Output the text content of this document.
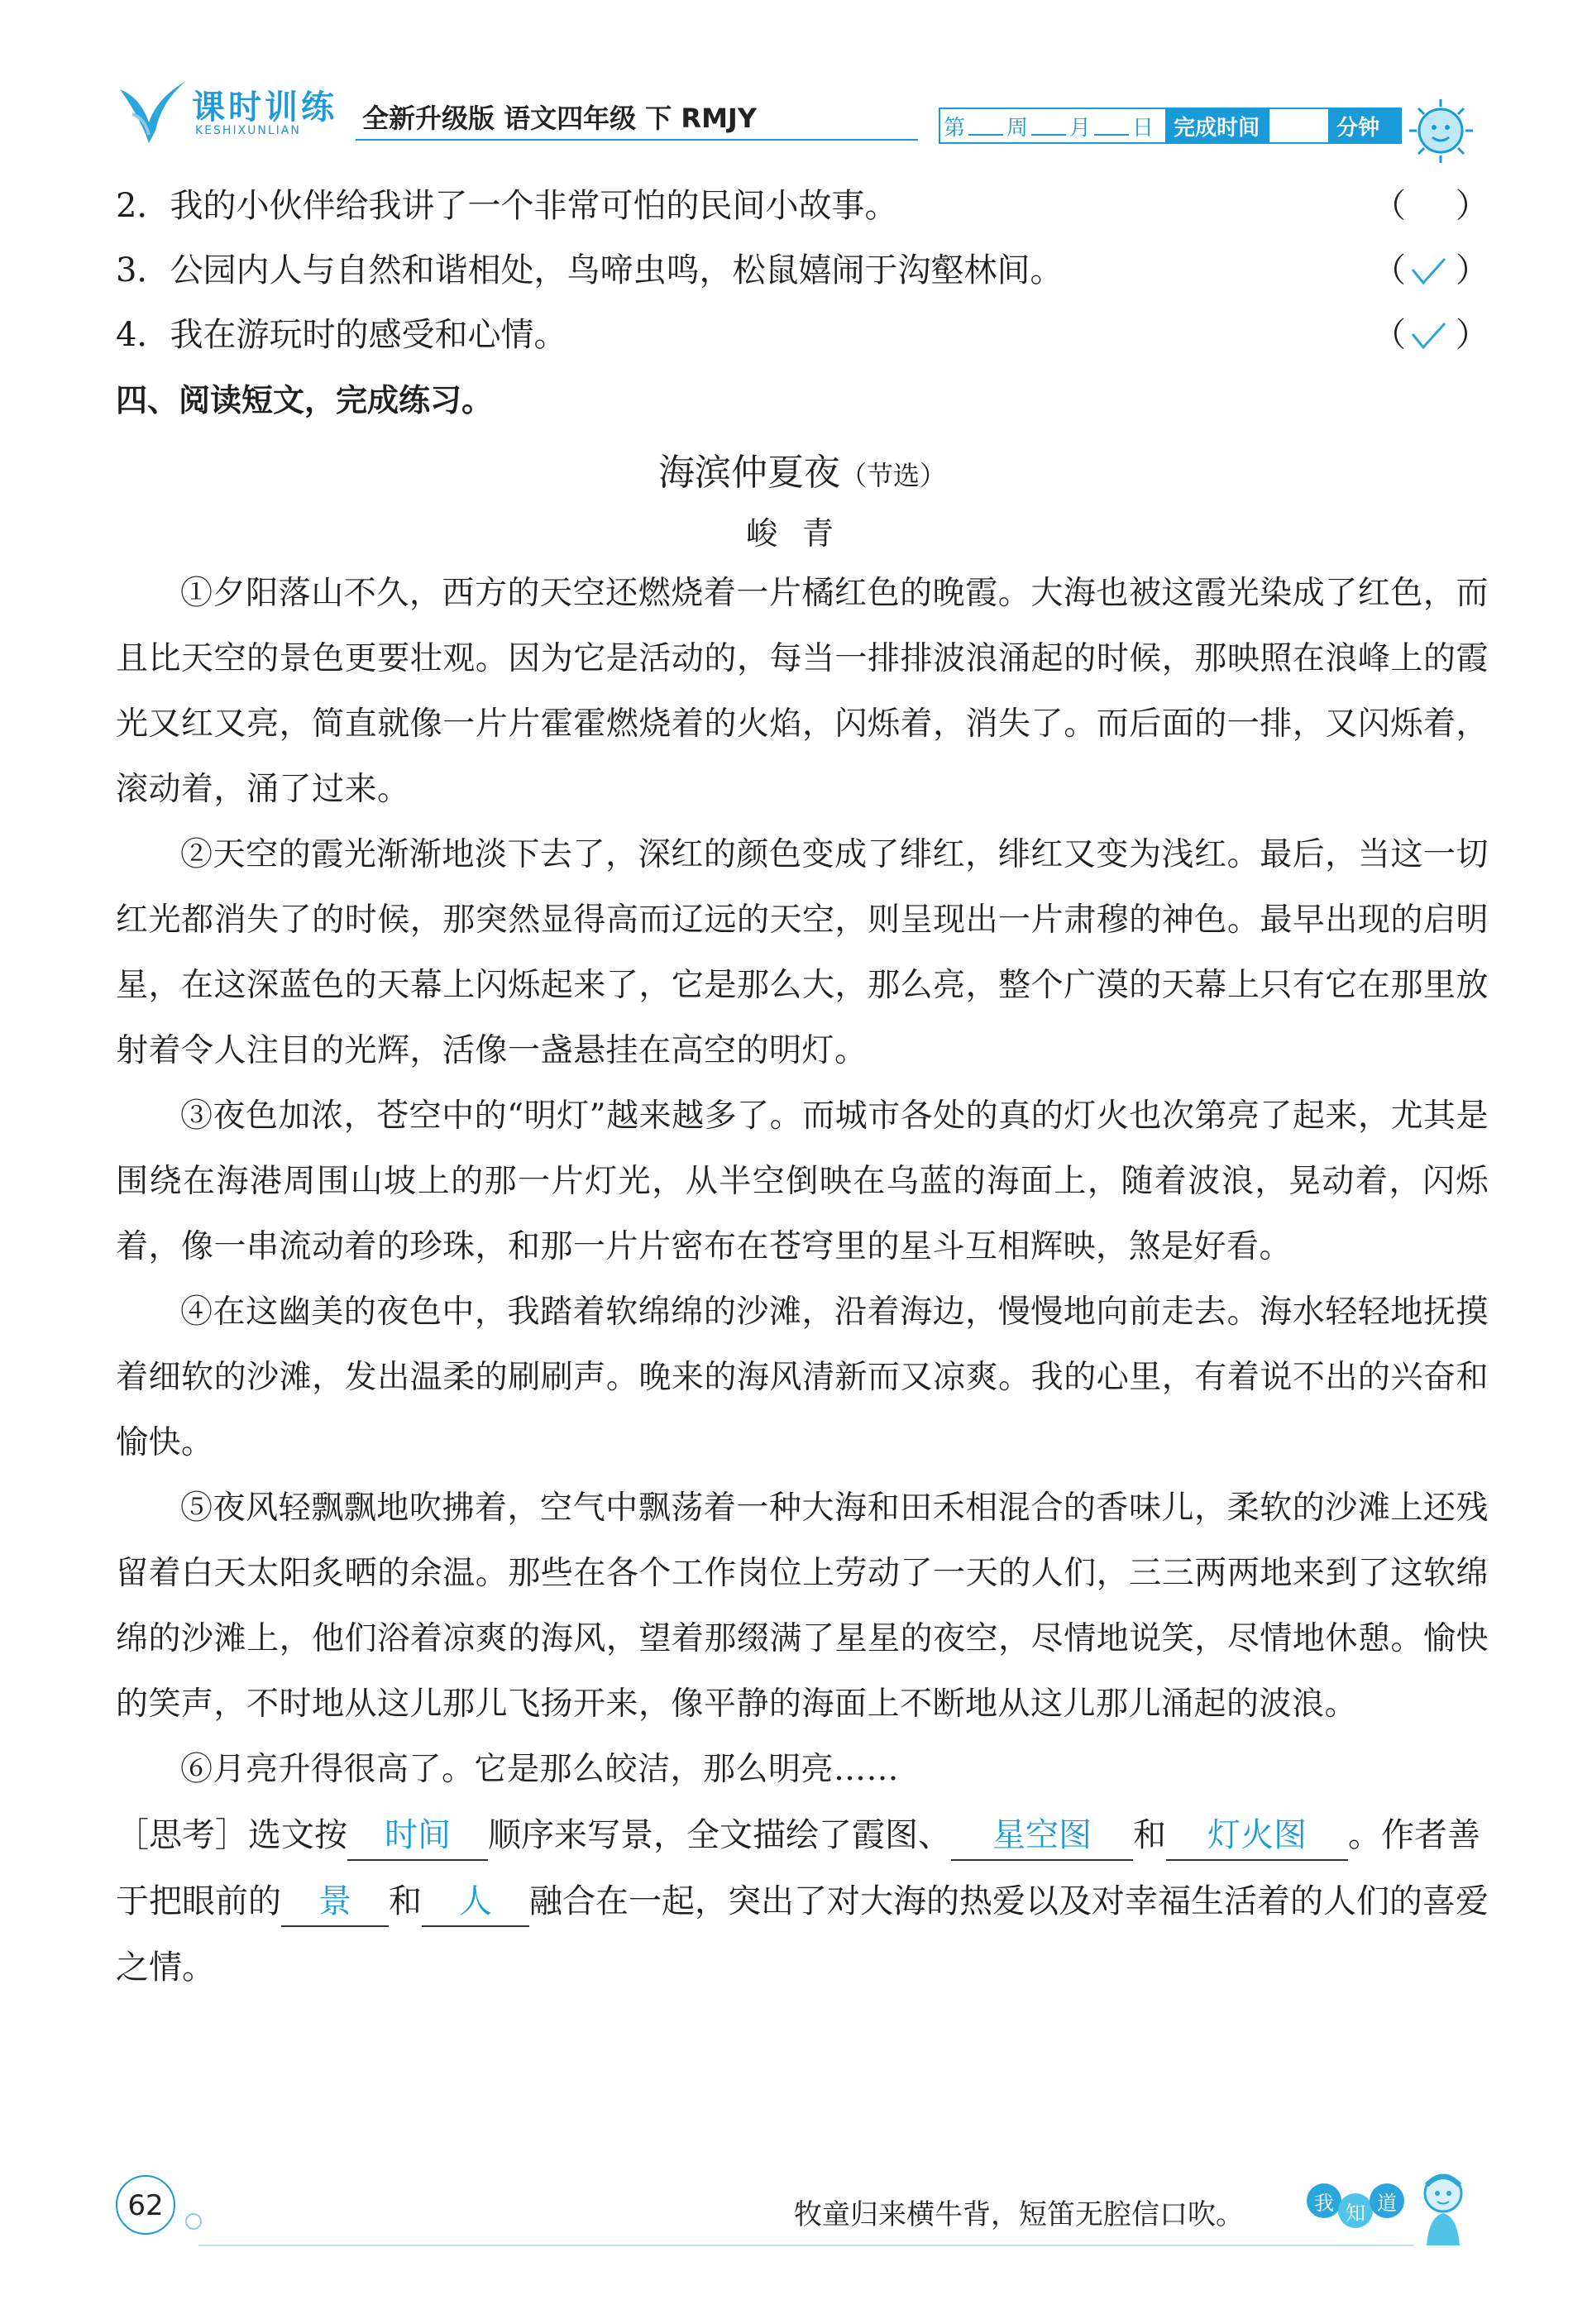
课时训练
KESHIXUNLIAN 全新升级版 语文四年级 下 RMJY	第 周 月 日 完成时间	分钟
2．我的小伙伴给我讲了一个非常可怕的民间小故事。	（ ）
3．公园内人与自然和谐相处，鸟啼虫鸣，松鼠嬉闹于沟壑林间。	（ ）
4．我在游玩时的感受和心情。	（ ）
四、阅读短文，完成练习。
海滨仲夏夜（节选）
峻青

①夕阳落山不久，西方的天空还燃烧着一片橘红色的晚霞。大海也被这霞光染成了红色，而且比天空的景色更要壮观。因为它是活动的，每当一排排波浪涌起的时候，那映照在浪峰上的霞光又红又亮，简直就像一片片霍霍燃烧着的火焰，闪烁着，消失了。而后面的一排，又闪烁着，滚动着，涌了过来。

②天空的霞光渐渐地淡下去了，深红的颜色变成了绯红，绯红又变为浅红。最后，当这一切红光都消失了的时候，那突然显得高而辽远的天空，则呈现出一片肃穆的神色。最早出现的启明星，在这深蓝色的天幕上闪烁起来了，它是那么大，那么亮，整个广漠的天幕上只有它在那里放射着令人注目的光辉，活像一盏悬挂在高空的明灯。

③夜色加浓，苍空中的“明灯”越来越多了。而城市各处的真的灯火也次第亮了起来，尤其是围绕在海港周围山坡上的那一片灯光，从半空倒映在乌蓝的海面上，随着波浪，晃动着，闪烁着，像一串流动着的珍珠，和那一片片密布在苍穹里的星斗互相辉映，煞是好看。

④在这幽美的夜色中，我踏着软绵绵的沙滩，沿着海边，慢慢地向前走去。海水轻轻地抚摸着细软的沙滩，发出温柔的刷刷声。晚来的海风清新而又凉爽。我的心里，有着说不出的兴奋和愉快。

⑤夜风轻飘飘地吹拂着，空气中飘荡着一种大海和田禾相混合的香味儿，柔软的沙滩上还残留着白天太阳炙晒的余温。那些在各个工作岗位上劳动了一天的人们，三三两两地来到了这软绵绵的沙滩上，他们浴着凉爽的海风，望着那缀满了星星的夜空，尽情地说笑，尽情地休憩。愉快的笑声，不时地从这儿那儿飞扬开来，像平静的海面上不断地从这儿那儿涌起的波浪。

⑥月亮升得很高了。它是那么皎洁，那么明亮……

［思考］选文按 时间 顺序来写景，全文描绘了霞图、 星空图 和 灯火图 。作者善于把眼前的 景 和 人 融合在一起，突出了对大海的热爱以及对幸福生活着的人们的喜爱之情。

62	牧童归来横牛背，短笛无腔信口吹。	我 知 道
